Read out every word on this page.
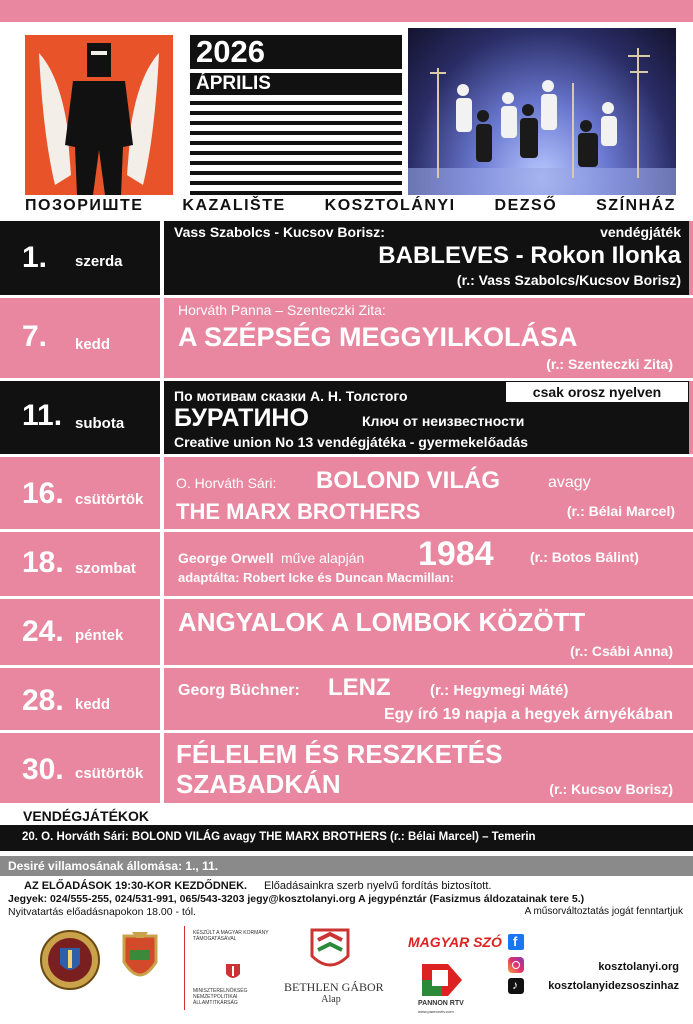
2026
ÁPRILIS
ПОЗОРИШТЕ KAZALIŠTE KOSZTOLÁNYI DEZSŐ SZÍNHÁZ
1. szerda
Vass Szabolcs - Kucsov Borisz:	vendégjáték
BABLEVES - Rokon Ilonka
(r.: Vass Szabolcs/Kucsov Borisz)
7. kedd
Horváth Panna – Szenteczki Zita:
A SZÉPSÉG MEGGYILKOLÁSA
(r.: Szenteczki Zita)
11. subota
По мотивам сказки А. Н. Толстого
БУРАТИНО	Ключ от неизвестности
Creative union No 13 vendégjátéka - gyermekelőadás
csak orosz nyelven
16. csütörtök
O. Horváth Sári: BOLOND VILÁG	avagy
THE MARX BROTHERS	(r.: Bélai Marcel)
18. szombat
George Orwell műve alapján 1984	(r.: Botos Bálint)
adaptálta: Robert Icke és Duncan Macmillan:
24. péntek ANGYALOK A LOMBOK KÖZÖTT
(r.: Csábi Anna)
28. kedd
Georg Büchner: LENZ	(r.: Hegymegi Máté)
Egy író 19 napja a hegyek árnyékában
30. csütörtök
FÉLELEM ÉS RESZKETÉS
SZABADKÁN	(r.: Kucsov Borisz)
VENDÉGJÁTÉKOK
20. O. Horváth Sári: BOLOND VILÁG avagy THE MARX BROTHERS (r.: Bélai Marcel) – Temerin
Desiré villamosának állomása: 1., 11.
AZ ELŐADÁSOK 19:30-KOR KEZDŐDNEK. Előadásainkra szerb nyelvű fordítás biztosított.
Jegyek: 024/555-255, 024/531-991, 065/543-3203 jegy@kosztolanyi.org A jegypénztár (Fasizmus áldozatainak tere 5.)
Nyitvatartás előadásnapokon 18.00 - tól.	A műsorváltoztatás jogát fenntartjuk
KÉSZÜLT A MAGYAR KORMÁNY TÁMOGATÁSÁVAL
MINISZTERELNÖKSÉG NEMZETPOLITIKAI ÁLLAMTITKÁRSÁG
BETHLEN GÁBOR
Alap
MAGYAR SZÓ
PANNON RTV
www.pannonrtv.com
f
♪
kosztolanyi.org
kosztolanyidezsoszinhaz
